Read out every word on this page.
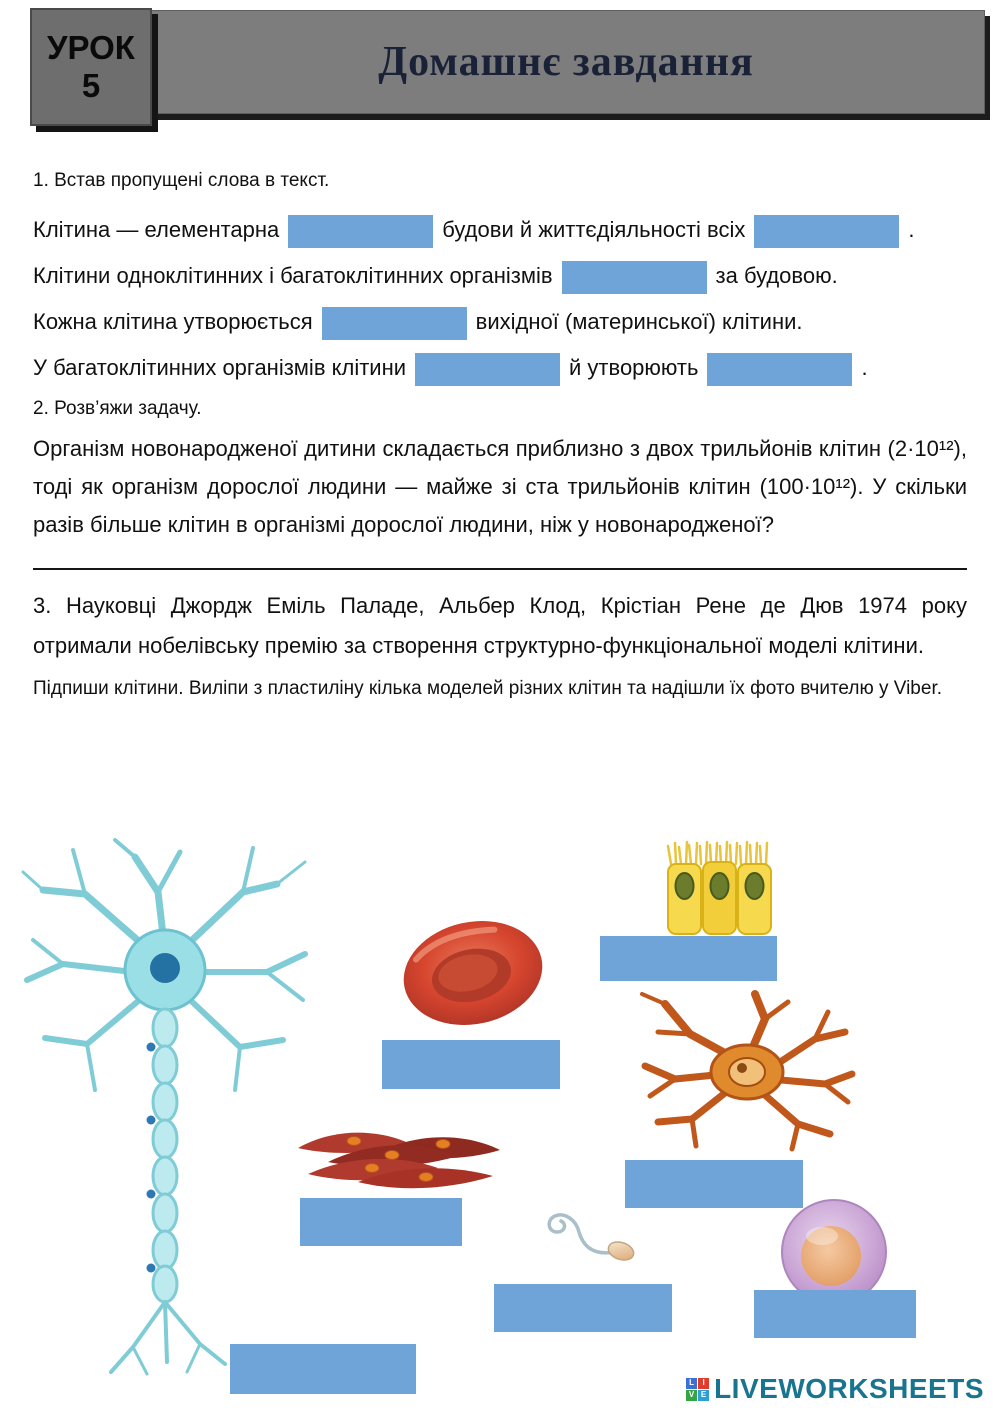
Домашнє завдання
УРОК
5
1. Встав пропущені слова в текст.
Клітина — елементарна	будови й життєдіяльності всіх	.
Клітини одноклітинних і багатоклітинних організмів	за будовою.
Кожна клітина утворюється	вихідної (материнської) клітини.
У багатоклітинних організмів клітини	й утворюють	.
2. Розв’яжи задачу.
Організм новонародженої дитини складається приблизно з двох трильйонів клітин (2·10¹²), тоді як організм дорослої людини — майже зі ста трильйонів клітин (100·10¹²). У скільки разів більше клітин в організмі дорослої людини, ніж у новонародженої?
3. Науковці Джордж Еміль Паладе, Альбер Клод, Крістіан Рене де Дюв 1974 року отримали нобелівську премію за створення структурно-функціональної моделі клітини.
Підпиши клітини. Виліпи з пластиліну кілька моделей різних клітин та надішли їх фото вчителю у Viber.
L	I
V E LIVEWORKSHEETS
